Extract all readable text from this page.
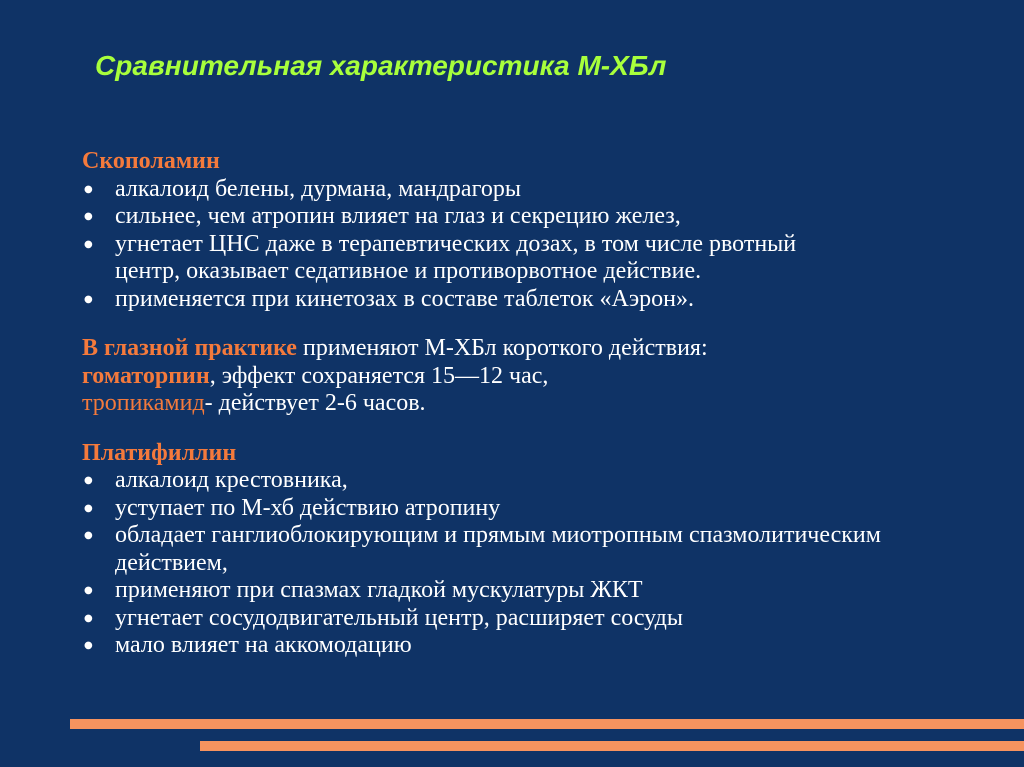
Сравнительная характеристика М-ХБл
Скополамин
● алкалоид белены, дурмана, мандрагоры
● сильнее, чем атропин влияет на глаз и секрецию желез,
● угнетает ЦНС даже в терапевтических дозах, в том числе рвотный центр, оказывает седативное и противорвотное действие.
● применяется при кинетозах в составе таблеток «Аэрон».
В глазной практике применяют М-ХБл короткого действия:
гоматорпин, эффект сохраняется 15—12 час,
тропикамид- действует 2-6 часов.
Платифиллин
● алкалоид крестовника,
● уступает по М-хб действию атропину
● обладает ганглиоблокирующим и прямым миотропным спазмолитическим действием,
● применяют при спазмах гладкой мускулатуры ЖКТ
● угнетает сосудодвигательный центр, расширяет сосуды
● мало влияет на аккомодацию
